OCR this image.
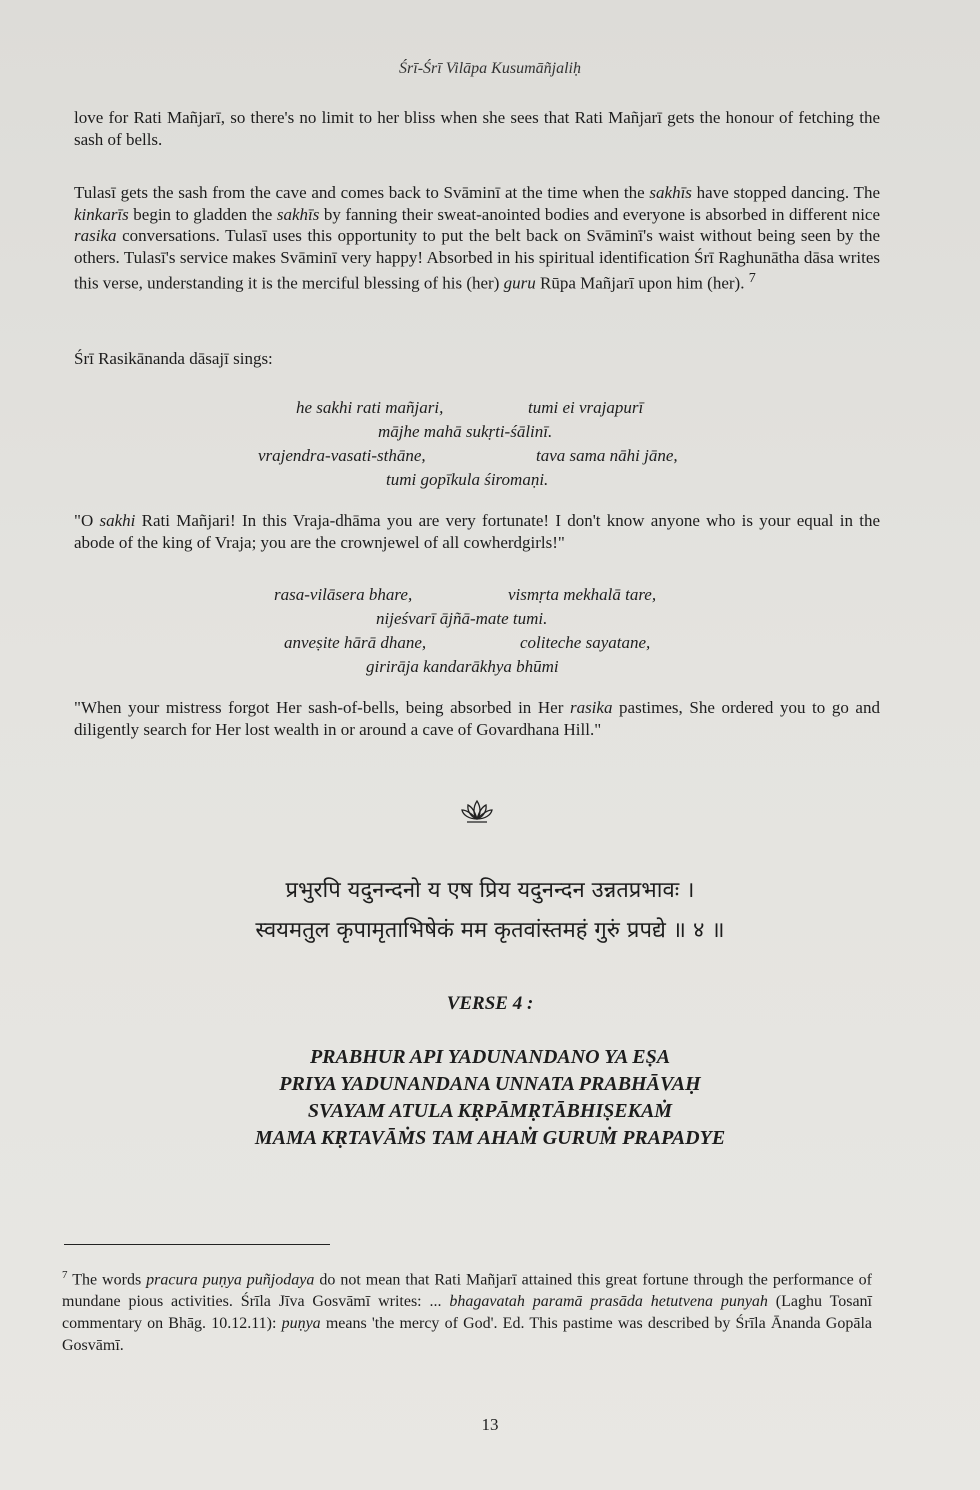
Śrī-Śrī Vilāpa Kusumāñjaliḥ

love for Rati Mañjarī, so there's no limit to her bliss when she sees that Rati Mañjarī gets the honour of fetching the sash of bells.

Tulasī gets the sash from the cave and comes back to Svāminī at the time when the sakhīs have stopped dancing. The kinkarīs begin to gladden the sakhīs by fanning their sweat-anointed bodies and everyone is absorbed in different nice rasika conversations. Tulasī uses this opportunity to put the belt back on Svāminī's waist without being seen by the others. Tulasī's service makes Svāminī very happy! Absorbed in his spiritual identification Śrī Raghunātha dāsa writes this verse, understanding it is the merciful blessing of his (her) guru Rūpa Mañjarī upon him (her). $^7$

Śrī Rasikānanda dāsajī sings:

he sakhi rati mañjari,	tumi ei vrajapurī
mājhe mahā sukṛti-śālinī.
vrajendra-vasati-sthāne,	tava sama nāhi jāne,
tumi gopīkula śiromaṇi.

"O sakhi Rati Mañjari! In this Vraja-dhāma you are very fortunate! I don't know anyone who is your equal in the abode of the king of Vraja; you are the crownjewel of all cowherdgirls!"

rasa-vilāsera bhare,	vismṛta mekhalā tare,
nijeśvarī ājñā-mate tumi.
anveṣite hārā dhane,	coliteche sayatane,
girirāja kandarākhya bhūmi

"When your mistress forgot Her sash-of-bells, being absorbed in Her rasika pastimes, She ordered you to go and diligently search for Her lost wealth in or around a cave of Govardhana Hill."

प्रभुरपि यदुनन्दनो य एष प्रिय यदुनन्दन उन्नतप्रभावः ।
स्वयमतुल कृपामृताभिषेकं मम कृतवांस्तमहं गुरुं प्रपद्ये ॥ ४ ॥
VERSE 4 :
PRABHUR API YADUNANDANO YA EṢA
PRIYA YADUNANDANA UNNATA PRABHĀVAḤ
SVAYAM ATULA KṚPĀMṚTĀBHIṢEKAṀ
MAMA KṚTAVĀṀS TAM AHAṀ GURUṀ PRAPADYE

$^7$ The words pracura puṇya puñjodaya do not mean that Rati Mañjarī attained this great fortune through the performance of mundane pious activities. Śrīla Jīva Gosvāmī writes: ... bhagavatah paramā prasāda hetutvena punyah (Laghu Tosanī commentary on Bhāg. 10.12.11): puṇya means 'the mercy of God'. Ed. This pastime was described by Śrīla Ānanda Gopāla Gosvāmī.

13
